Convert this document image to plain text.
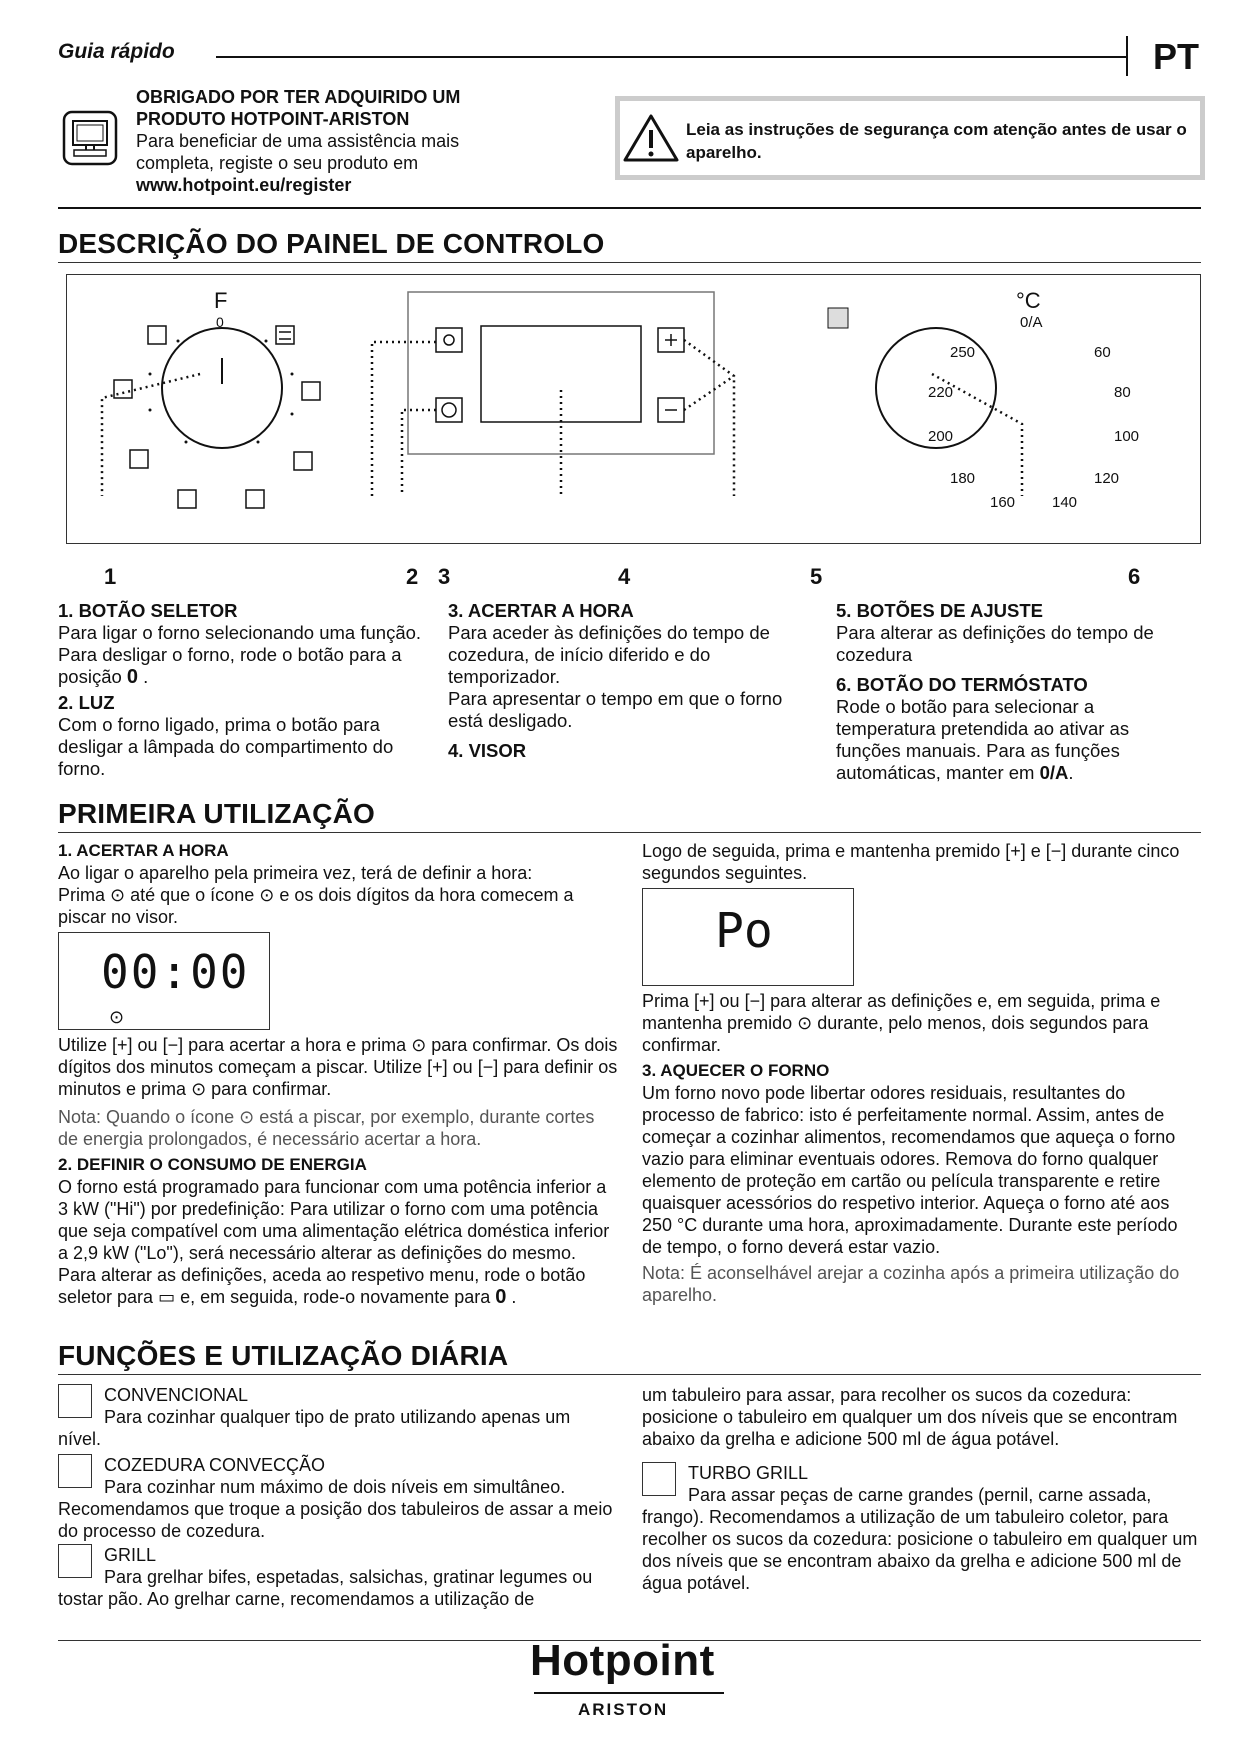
Guia rápido	PT
OBRIGADO POR TER ADQUIRIDO UM
PRODUTO HOTPOINT-ARISTON
Para beneficiar de uma assistência mais
completa, registe o seu produto em
www.hotpoint.eu/register
Leia as instruções de segurança com atenção antes de usar o aparelho.
DESCRIÇÃO DO PAINEL DE CONTROLO
F
0
°C
0/A
250	60
220	80
200	100
180	120
160 140
1	2 3	4	5	6
1. BOTÃO SELETOR

Para ligar o forno selecionando uma função. Para desligar o forno, rode o botão para a posição 0 .

2. LUZ

Com o forno ligado, prima o botão para desligar a lâmpada do compartimento do forno.

3. ACERTAR A HORA

Para aceder às definições do tempo de cozedura, de início diferido e do temporizador.

Para apresentar o tempo em que o forno está desligado.

4. VISOR
5. BOTÕES DE AJUSTE

Para alterar as definições do tempo de cozedura

6. BOTÃO DO TERMÓSTATO

Rode o botão para selecionar a temperatura pretendida ao ativar as funções manuais. Para as funções automáticas, manter em 0/A.

PRIMEIRA UTILIZAÇÃO
1. ACERTAR A HORA

Ao ligar o aparelho pela primeira vez, terá de definir a hora:

Prima ⊙ até que o ícone ⊙ e os dois dígitos da hora comecem a piscar no visor.

00:00
⊙

Utilize [+] ou [−] para acertar a hora e prima ⊙ para confirmar. Os dois dígitos dos minutos começam a piscar. Utilize [+] ou [−] para definir os minutos e prima ⊙ para confirmar.

Nota: Quando o ícone ⊙ está a piscar, por exemplo, durante cortes de energia prolongados, é necessário acertar a hora.

2. DEFINIR O CONSUMO DE ENERGIA

O forno está programado para funcionar com uma potência inferior a 3 kW ("Hi") por predefinição: Para utilizar o forno com uma potência que seja compatível com uma alimentação elétrica doméstica inferior a 2,9 kW ("Lo"), será necessário alterar as definições do mesmo. Para alterar as definições, aceda ao respetivo menu, rode o botão seletor para ▭ e, em seguida, rode-o novamente para 0 .

Logo de seguida, prima e mantenha premido [+] e [−] durante cinco segundos seguintes.

Po

Prima [+] ou [−] para alterar as definições e, em seguida, prima e mantenha premido ⊙ durante, pelo menos, dois segundos para confirmar.

3. AQUECER O FORNO

Um forno novo pode libertar odores residuais, resultantes do processo de fabrico: isto é perfeitamente normal. Assim, antes de começar a cozinhar alimentos, recomendamos que aqueça o forno vazio para eliminar eventuais odores. Remova do forno qualquer elemento de proteção em cartão ou película transparente e retire quaisquer acessórios do respetivo interior. Aqueça o forno até aos 250 °C durante uma hora, aproximadamente. Durante este período de tempo, o forno deverá estar vazio.

Nota: É aconselhável arejar a cozinha após a primeira utilização do aparelho.

FUNÇÕES E UTILIZAÇÃO DIÁRIA
CONVENCIONAL

Para cozinhar qualquer tipo de prato utilizando apenas um nível.

COZEDURA CONVECÇÃO

Para cozinhar num máximo de dois níveis em simultâneo. Recomendamos que troque a posição dos tabuleiros de assar a meio do processo de cozedura.

GRILL

Para grelhar bifes, espetadas, salsichas, gratinar legumes ou tostar pão. Ao grelhar carne, recomendamos a utilização de

um tabuleiro para assar, para recolher os sucos da cozedura: posicione o tabuleiro em qualquer um dos níveis que se encontram abaixo da grelha e adicione 500 ml de água potável.

TURBO GRILL

Para assar peças de carne grandes (pernil, carne assada, frango). Recomendamos a utilização de um tabuleiro coletor, para recolher os sucos da cozedura: posicione o tabuleiro em qualquer um dos níveis que se encontram abaixo da grelha e adicione 500 ml de água potável.

Hotpoint
ARISTON
